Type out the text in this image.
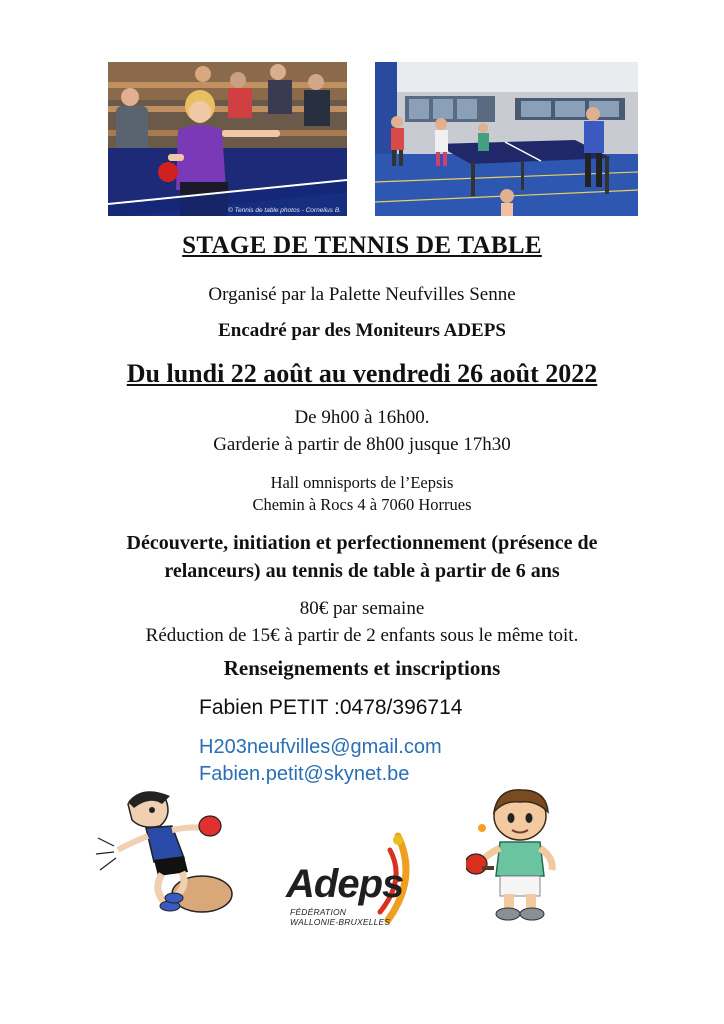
© Tennis de table photos - Cornelius B.
STAGE DE TENNIS DE TABLE
Organisé par la Palette Neufvilles Senne
Encadré par des Moniteurs ADEPS
Du lundi 22 août au vendredi 26 août 2022
De 9h00 à 16h00.
Garderie à partir de 8h00 jusque 17h30
Hall omnisports de l’Eepsis
Chemin à Rocs 4 à 7060 Horrues
Découverte, initiation et perfectionnement (présence de
relanceurs) au tennis de table à partir de 6 ans
80€ par semaine
Réduction de 15€ à partir de 2 enfants sous le même toit.
Renseignements et inscriptions
Fabien PETIT :0478/396714
H203neufvilles@gmail.com
Fabien.petit@skynet.be
Adeps
FÉDÉRATION
WALLONIE-BRUXELLES
